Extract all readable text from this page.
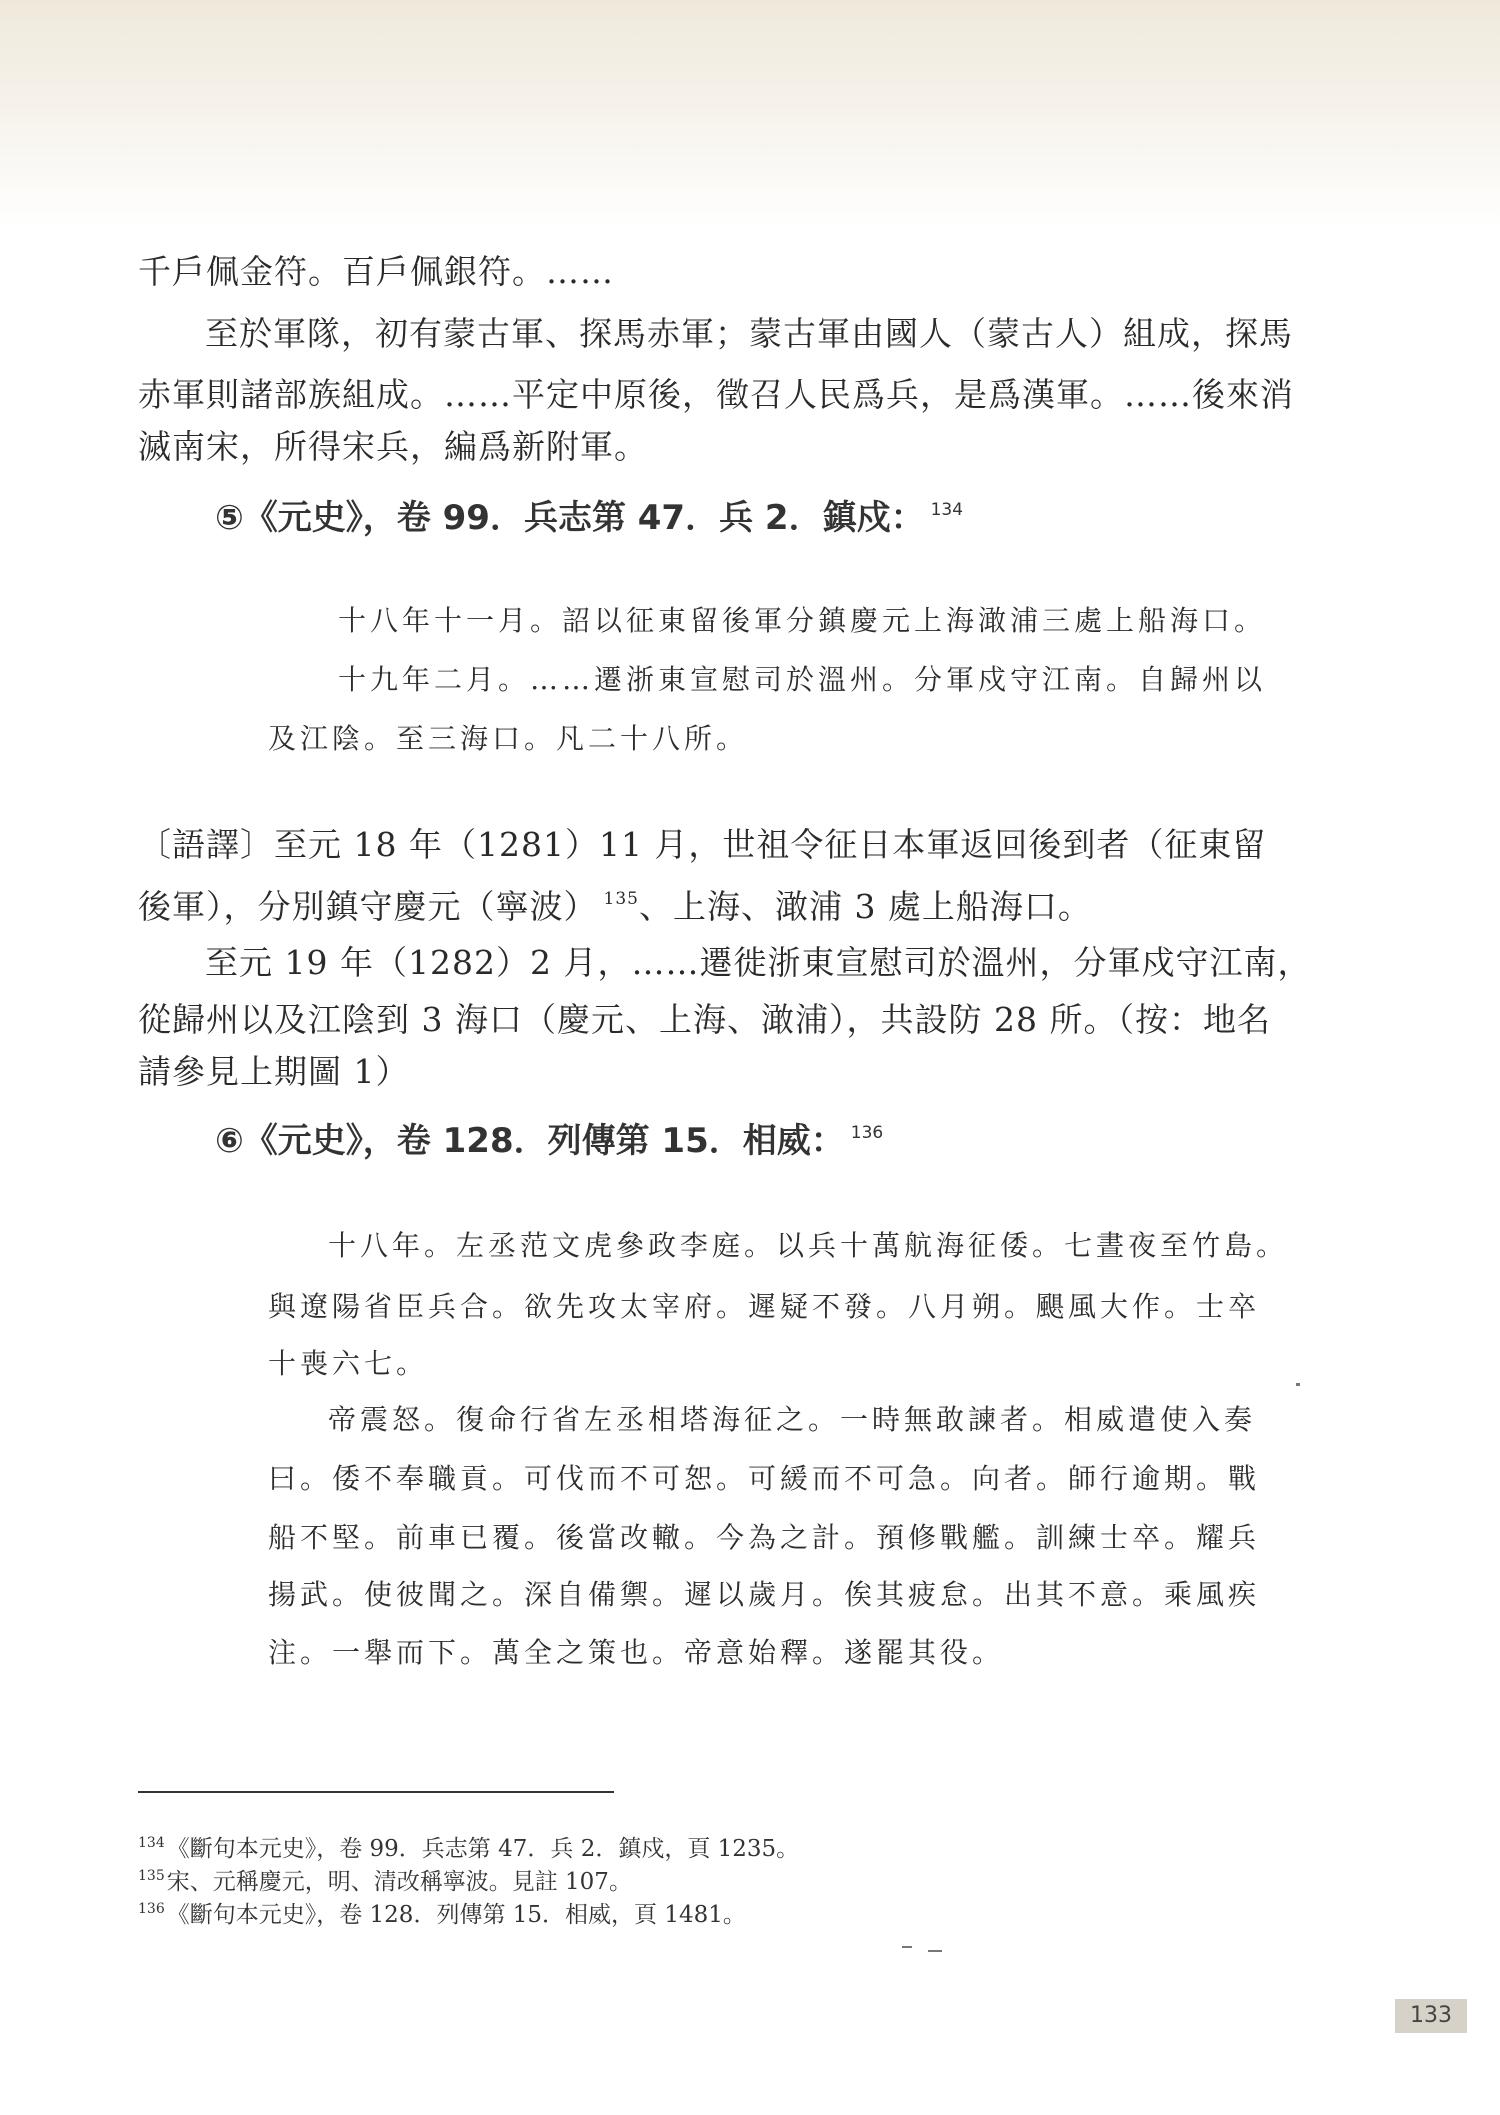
千戶佩金符。百戶佩銀符。……
至於軍隊，初有蒙古軍、探馬赤軍；蒙古軍由國人（蒙古人）組成，探馬
赤軍則諸部族組成。……平定中原後，徵召人民爲兵，是爲漢軍。……後來消
滅南宋，所得宋兵，編爲新附軍。
⑤《元史》，卷 99．兵志第 47．兵 2．鎮戍： $^{134}$
十八年十一月。詔以征東留後軍分鎮慶元上海澉浦三處上船海口。
十九年二月。……遷浙東宣慰司於溫州。分軍戍守江南。自歸州以
及江陰。至三海口。凡二十八所。
〔語譯〕至元 18 年（1281）11 月，世祖令征日本軍返回後到者（征東留
後軍），分別鎮守慶元（寧波） $^{135}$、上海、澉浦 3 處上船海口。
至元 19 年（1282）2 月，……遷徙浙東宣慰司於溫州，分軍戍守江南，
從歸州以及江陰到 3 海口（慶元、上海、澉浦），共設防 28 所。（按：地名
請參見上期圖 1）
⑥《元史》，卷 128．列傳第 15．相威： $^{136}$
十八年。左丞范文虎參政李庭。以兵十萬航海征倭。七晝夜至竹島。
與遼陽省臣兵合。欲先攻太宰府。遲疑不發。八月朔。颶風大作。士卒
十喪六七。
帝震怒。復命行省左丞相塔海征之。一時無敢諫者。相威遣使入奏
曰。倭不奉職貢。可伐而不可恕。可緩而不可急。向者。師行逾期。戰
船不堅。前車已覆。後當改轍。今為之計。預修戰艦。訓練士卒。耀兵
揚武。使彼聞之。深自備禦。遲以歲月。俟其疲怠。出其不意。乘風疾
注。一舉而下。萬全之策也。帝意始釋。遂罷其役。
$^{134}$《斷句本元史》，卷 99．兵志第 47．兵 2．鎮戍，頁 1235。
$^{135}$宋、元稱慶元，明、清改稱寧波。見註 107。
$^{136}$《斷句本元史》，卷 128．列傳第 15．相威，頁 1481。
133
